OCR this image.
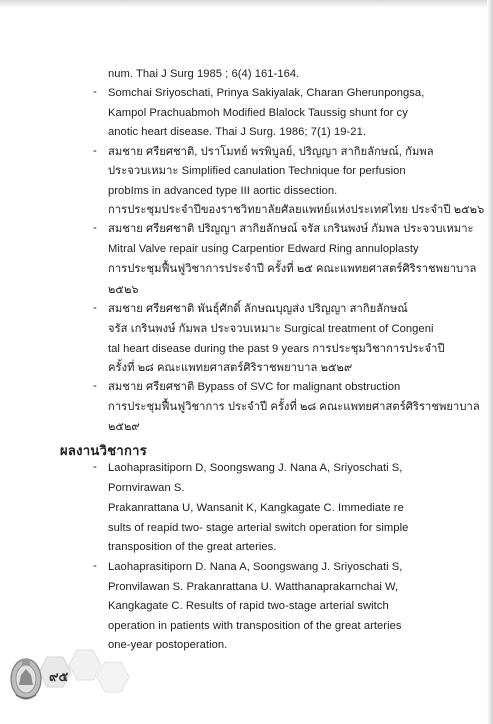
num. Thai J Surg 1985 ; 6(4) 161-164.
- Somchai Sriyoschati, Prinya Sakiyalak, Charan Gherunpongsa,
Kampol Prachuabmoh Modified Blalock Taussig shunt for cy
anotic heart disease. Thai J Surg. 1986; 7(1) 19-21.
- สมชาย ศรียศชาติ, ปราโมทย์ พรพิบูลย์, ปริญญา สากิยลักษณ์, กัมพล
ประจวบเหมาะ Simplified canulation Technique for perfusion
probIms in advanced type III aortic dissection.
การประชุมประจำปีของราชวิทยาลัยศัลยแพทย์แห่งประเทศไทย ประจำปี ๒๕๒๖
- สมชาย ศรียศชาติ ปริญญา สากิยลักษณ์ จรัส เกรินพงษ์ กัมพล ประจวบเหมาะ
Mitral Valve repair using Carpentior Edward Ring annuloplasty
การประชุมฟื้นฟูวิชาการประจำปี ครั้งที่ ๒๕ คณะแพทยศาสตร์ศิริราชพยาบาล
๒๕๒๖
- สมชาย ศรียศชาติ พันธุ์ศักดิ์ ลักษณบุญส่ง ปริญญา สากิยลักษณ์
จรัส เกรินพงษ์ กัมพล ประจวบเหมาะ Surgical treatment of Congeni
tal heart disease during the past 9 years การประชุมวิชาการประจำปี
ครั้งที่ ๒๘ คณะแพทยศาสตร์ศิริราชพยาบาล ๒๕๒๙
- สมชาย ศรียศชาติ Bypass of SVC for malignant obstruction
การประชุมฟื้นฟูวิชาการ ประจำปี ครั้งที่ ๒๘ คณะแพทยศาสตร์ศิริราชพยาบาล
๒๕๒๙
ผลงานวิชาการ
- Laohaprasitiporn D, Soongswang J. Nana A, Sriyoschati S,
Pornvirawan S.
Prakanrattana U, Wansanit K, Kangkagate C. Immediate re
sults of reapid two- stage arterial switch operation for simple
transposition of the great arteries.
- Laohaprasitiporn D. Nana A, Soongswang J. Sriyoschati S,
Pronvilawan S. Prakanrattana U. Watthanaprakarnchai W,
Kangkagate C. Results of rapid two-stage arterial switch
operation in patients with transposition of the great arteries
one-year postoperation.
๙๕
